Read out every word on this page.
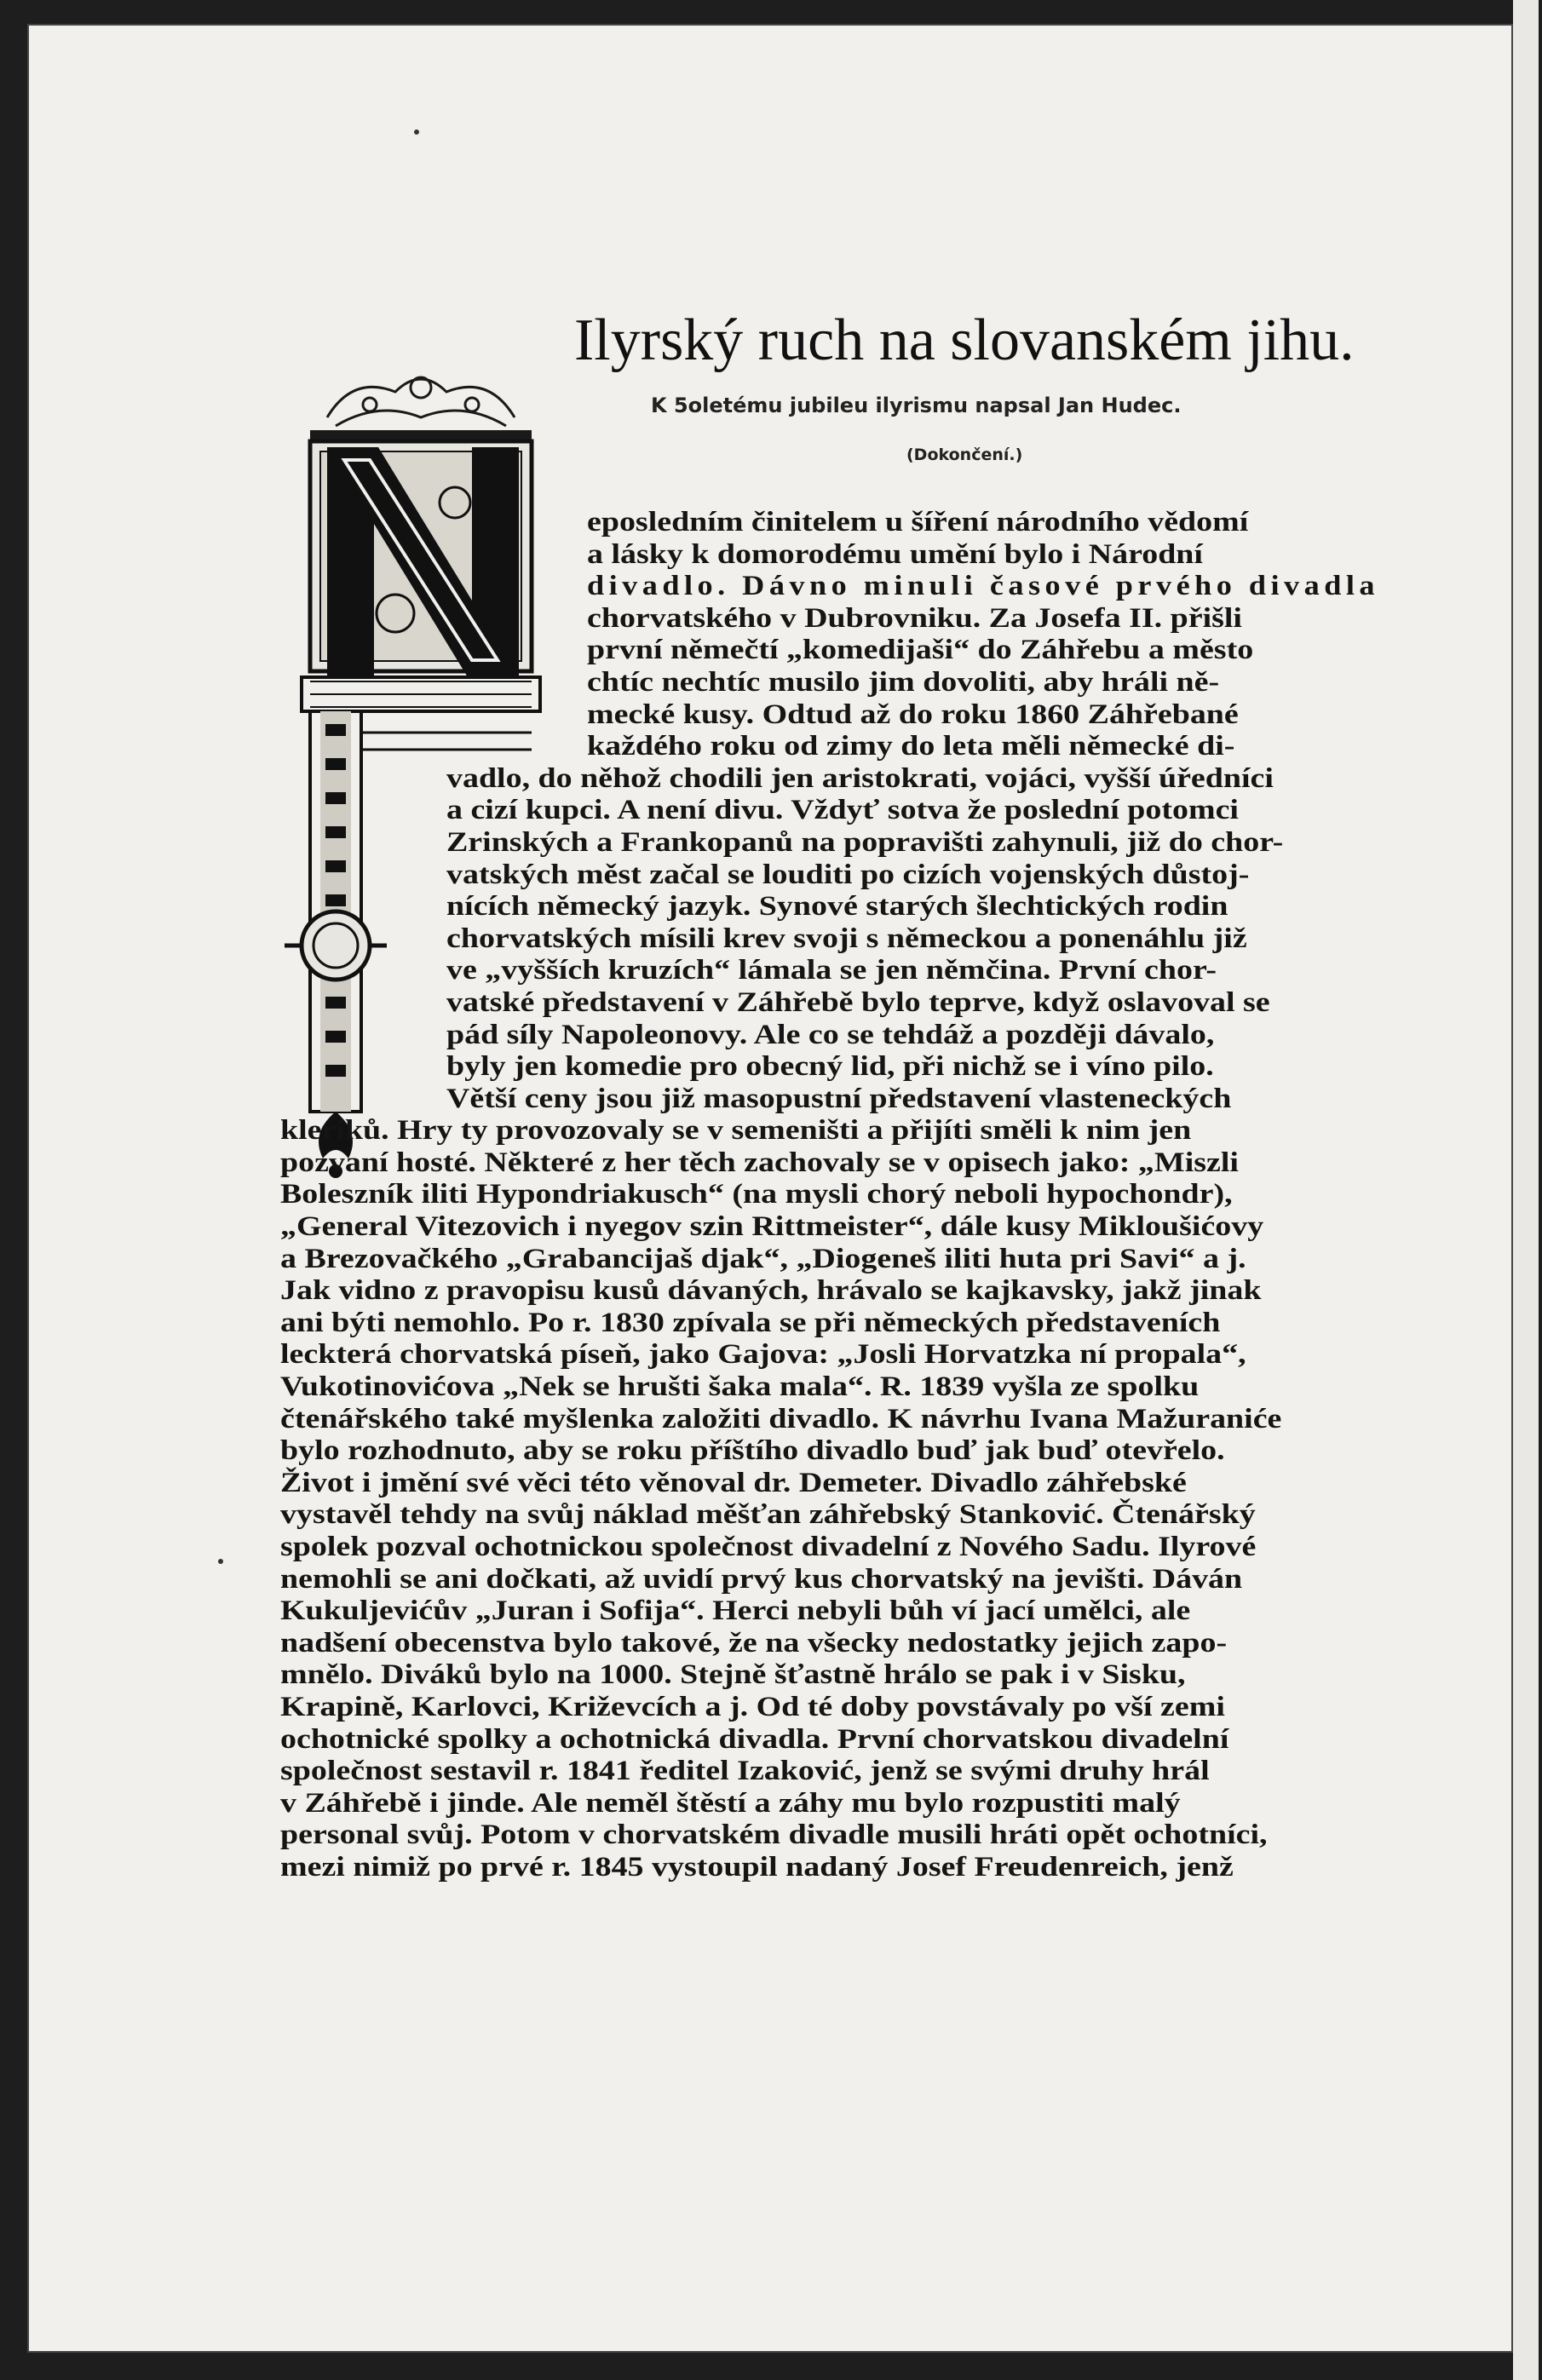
Ilyrský ruch na slovanském jihu.
K 5oletému jubileu ilyrismu napsal Jan Hudec.
(Dokončení.)
eposledním činitelem u šíření národního vědomí
a lásky k domorodému umění bylo i Národní
divadlo. Dávno minuli časové prvého divadla
chorvatského v Dubrovniku. Za Josefa II. přišli
první němečtí „komedijaši“ do Záhřebu a město
chtíc nechtíc musilo jim dovoliti, aby hráli ně-
mecké kusy. Odtud až do roku 1860 Záhřebané
každého roku od zimy do leta měli německé di-
vadlo, do něhož chodili jen aristokrati, vojáci, vyšší úředníci
a cizí kupci. A není divu. Vždyť sotva že poslední potomci
Zrinských a Frankopanů na popravišti zahynuli, již do chor-
vatských měst začal se louditi po cizích vojenských důstoj-
nících německý jazyk. Synové starých šlechtických rodin
chorvatských mísili krev svoji s německou a ponenáhlu již
ve „vyšších kruzích“ lámala se jen němčina. První chor-
vatské představení v Záhřebě bylo teprve, když oslavoval se
pád síly Napoleonovy. Ale co se tehdáž a později dávalo,
byly jen komedie pro obecný lid, při nichž se i víno pilo.
Větší ceny jsou již masopustní představení vlasteneckých
kleriků. Hry ty provozovaly se v semeništi a přijíti směli k nim jen
pozvaní hosté. Některé z her těch zachovaly se v opisech jako: „Miszli
Boleszník iliti Hypondriakusch“ (na mysli chorý neboli hypochondr),
„General Vitezovich i nyegov szin Rittmeister“, dále kusy Mikloušićovy
a Brezovačkého „Grabancijaš djak“, „Diogeneš iliti huta pri Savi“ a j.
Jak vidno z pravopisu kusů dávaných, hrávalo se kajkavsky, jakž jinak
ani býti nemohlo. Po r. 1830 zpívala se při německých představeních
leckterá chorvatská píseň, jako Gajova: „Josli Horvatzka ní propala“,
Vukotinovićova „Nek se hrušti šaka mala“. R. 1839 vyšla ze spolku
čtenářského také myšlenka založiti divadlo. K návrhu Ivana Mažuraniće
bylo rozhodnuto, aby se roku příštího divadlo buď jak buď otevřelo.
Život i jmění své věci této věnoval dr. Demeter. Divadlo záhřebské
vystavěl tehdy na svůj náklad měšťan záhřebský Stanković. Čtenářský
spolek pozval ochotnickou společnost divadelní z Nového Sadu. Ilyrové
nemohli se ani dočkati, až uvidí prvý kus chorvatský na jevišti. Dáván
Kukuljevićův „Juran i Sofija“. Herci nebyli bůh ví jací umělci, ale
nadšení obecenstva bylo takové, že na všecky nedostatky jejich zapo-
mnělo. Diváků bylo na 1000. Stejně šťastně hrálo se pak i v Sisku,
Krapině, Karlovci, Križevcích a j. Od té doby povstávaly po vší zemi
ochotnické spolky a ochotnická divadla. První chorvatskou divadelní
společnost sestavil r. 1841 ředitel Izaković, jenž se svými druhy hrál
v Záhřebě i jinde. Ale neměl štěstí a záhy mu bylo rozpustiti malý
personal svůj. Potom v chorvatském divadle musili hráti opět ochotníci,
mezi nimiž po prvé r. 1845 vystoupil nadaný Josef Freudenreich, jenž
